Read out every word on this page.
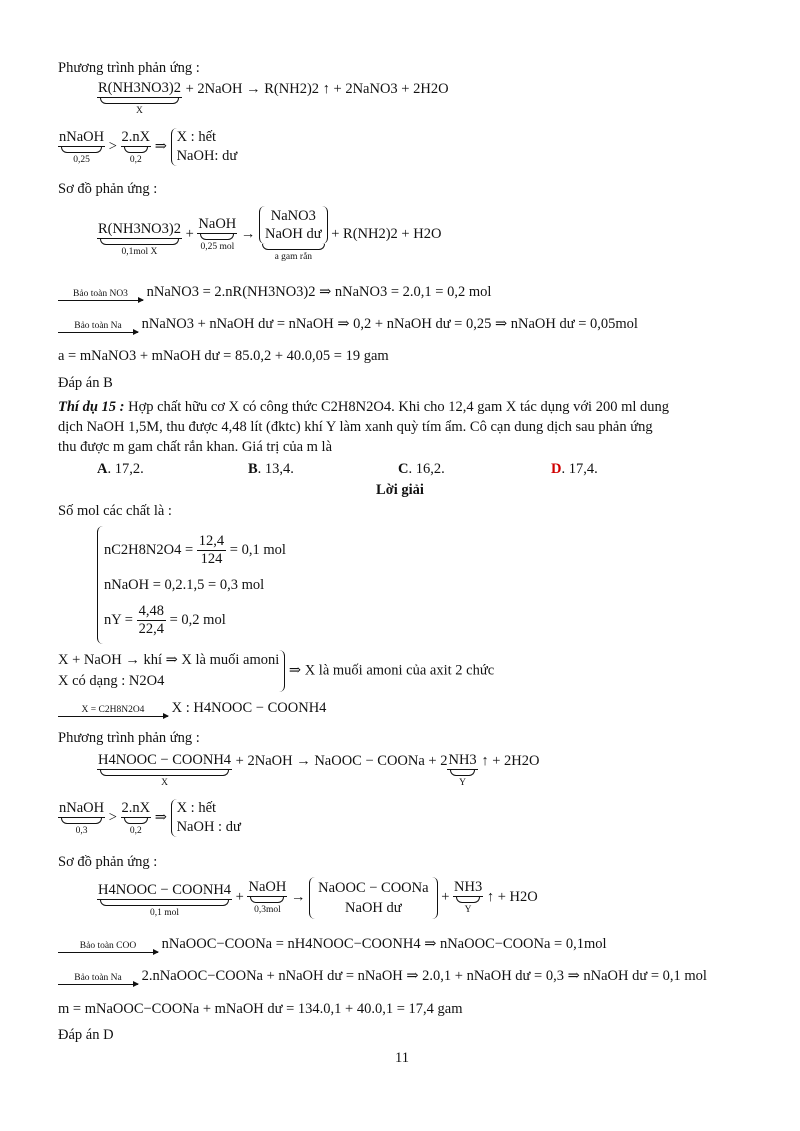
Phương trình phản ứng :
R(NH3NO3)2
X
+ 2NaOH → R(NH2)2 ↑ + 2NaNO3 + 2H2O
nNaOH
0,25
>
2.nX
0,2
⇒
X : hết
NaOH: dư
Sơ đồ phản ứng :
R(NH3NO3)2
0,1mol X
+
NaOH
0,25 mol
→
NaNO3
NaOH dư
a gam rắn
+ R(NH2)2 + H2O
Bảo toàn NO3	nNaNO3 = 2.nR(NH3NO3)2 ⇒ nNaNO3 = 2.0,1 = 0,2 mol
Bảo toàn Na	nNaNO3 + nNaOH dư = nNaOH ⇒ 0,2 + nNaOH dư = 0,25 ⇒ nNaOH dư = 0,05mol
a = mNaNO3 + mNaOH dư = 85.0,2 + 40.0,05 = 19 gam
Đáp án B
Thí dụ 15 : Hợp chất hữu cơ X có công thức C2H8N2O4. Khi cho 12,4 gam X tác dụng với 200 ml dung
dịch NaOH 1,5M, thu được 4,48 lít (đktc) khí Y làm xanh quỳ tím ẩm. Cô cạn dung dịch sau phản ứng
thu được m gam chất rắn khan. Giá trị của m là
A. 17,2.	B. 13,4.	C. 16,2.	D. 17,4.
Lời giải
Số mol các chất là :
$nC2H8N2O4 = \frac{12,4}{124} = 0,1$ mol
nNaOH = 0,2.1,5 = 0,3 mol
nY = $\frac{4,48}{22,4} = 0,2$ mol
X + NaOH → khí ⇒ X là muối amoni
X có dạng : N2O4
⇒ X là muối amoni của axit 2 chức
X = C2H8N2O4	X : H4NOOC − COONH4
Phương trình phản ứng :
H4NOOC − COONH4
X
+ 2NaOH → NaOOC − COONa + 2 NH3
Y
↑ + 2H2O
nNaOH
0,3
>
2.nX
0,2
⇒
X : hết
NaOH : dư
Sơ đồ phản ứng :
H4NOOC − COONH4
0,1 mol
+
NaOH
0,3mol
→
NaOOC − COONa
NaOH dư
+
NH3
Y
↑ + H2O
Bảo toàn COO	nNaOOC−COONa = nH4NOOC−COONH4 ⇒ nNaOOC−COONa = 0,1mol
Bảo toàn Na	2.nNaOOC−COONa + nNaOH dư = nNaOH ⇒ 2.0,1 + nNaOH dư = 0,3 ⇒ nNaOH dư = 0,1 mol
m = mNaOOC−COONa + mNaOH dư = 134.0,1 + 40.0,1 = 17,4 gam
Đáp án D
11
